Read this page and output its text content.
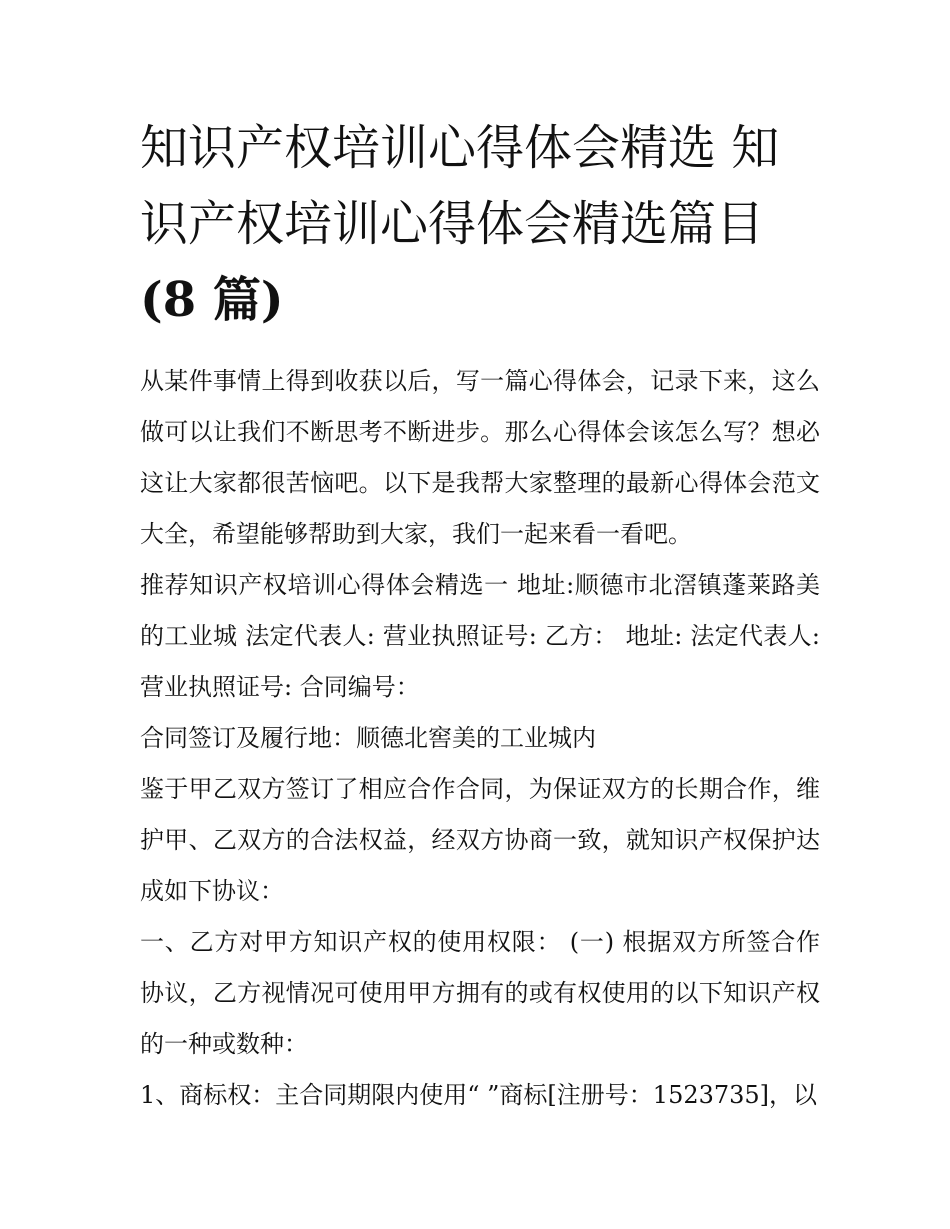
知识产权培训心得体会精选 知识产权培训心得体会精选篇目
(8 篇)

从某件事情上得到收获以后，写一篇心得体会，记录下来，这么做可以让我们不断思考不断进步。那么心得体会该怎么写？想必这让大家都很苦恼吧。以下是我帮大家整理的最新心得体会范文大全，希望能够帮助到大家，我们一起来看一看吧。

推荐知识产权培训心得体会精选一 地址:顺德市北滘镇蓬莱路美的工业城 法定代表人: 营业执照证号: 乙方： 地址: 法定代表人: 营业执照证号: 合同编号：

合同签订及履行地：顺德北窖美的工业城内

鉴于甲乙双方签订了相应合作合同，为保证双方的长期合作，维护甲、乙双方的合法权益，经双方协商一致，就知识产权保护达成如下协议：

一、乙方对甲方知识产权的使用权限： (一) 根据双方所签合作协议，乙方视情况可使用甲方拥有的或有权使用的以下知识产权的一种或数种：

1、商标权：主合同期限内使用“ ”商标[注册号：1523735]，以
